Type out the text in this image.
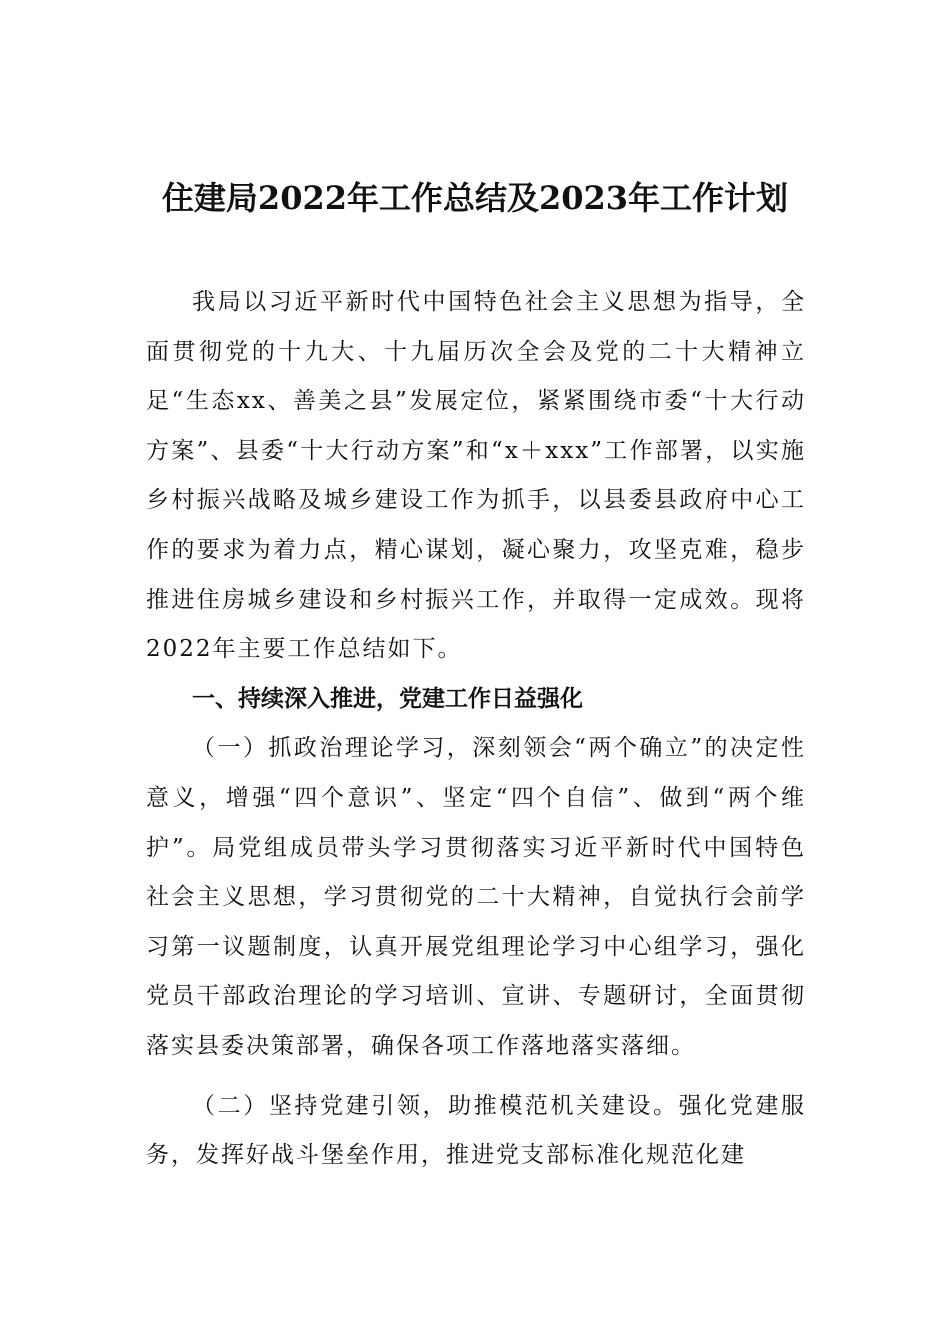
住建局2022年工作总结及2023年工作计划

我局以习近平新时代中国特色社会主义思想为指导，全面贯彻党的十九大、十九届历次全会及党的二十大精神立足“生态xx、善美之县”发展定位，紧紧围绕市委“十大行动方案”、县委“十大行动方案”和“x＋xxx”工作部署，以实施乡村振兴战略及城乡建设工作为抓手，以县委县政府中心工作的要求为着力点，精心谋划，凝心聚力，攻坚克难，稳步推进住房城乡建设和乡村振兴工作，并取得一定成效。现将2022年主要工作总结如下。

一、持续深入推进，党建工作日益强化

（一）抓政治理论学习，深刻领会“两个确立”的决定性意义，增强“四个意识”、坚定“四个自信”、做到“两个维护”。局党组成员带头学习贯彻落实习近平新时代中国特色社会主义思想，学习贯彻党的二十大精神，自觉执行会前学习第一议题制度，认真开展党组理论学习中心组学习，强化党员干部政治理论的学习培训、宣讲、专题研讨，全面贯彻落实县委决策部署，确保各项工作落地落实落细。

（二）坚持党建引领，助推模范机关建设。强化党建服务，发挥好战斗堡垒作用，推进党支部标准化规范化建
